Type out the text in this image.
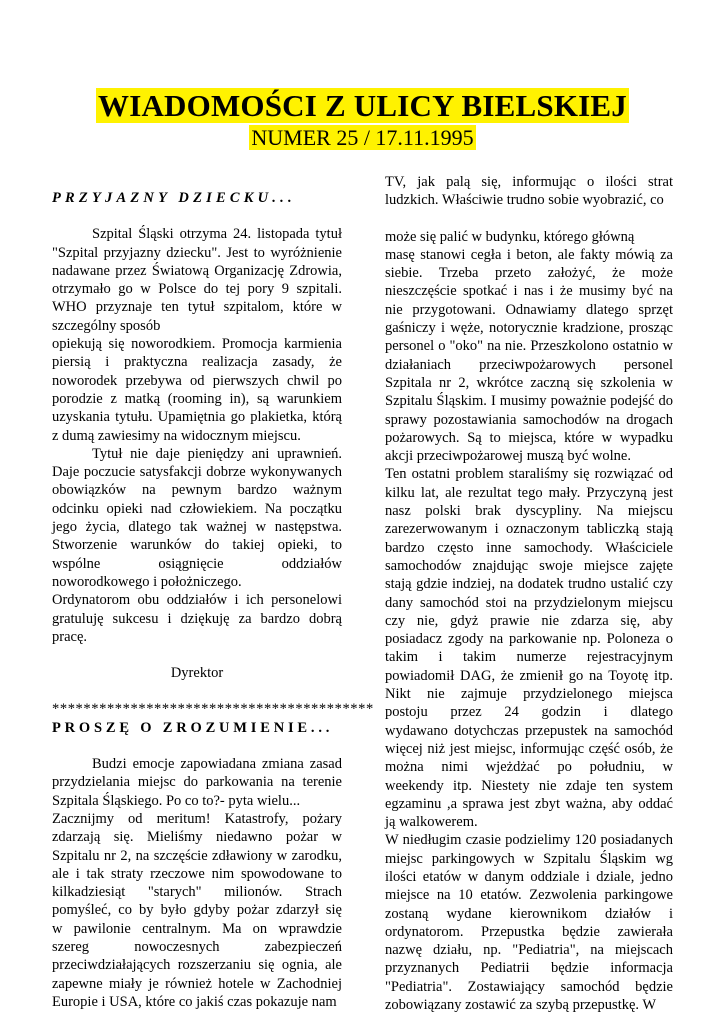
WIADOMOŚCI Z ULICY BIELSKIEJ
NUMER 25 / 17.11.1995

PRZYJAZNY DZIECKU...

Szpital Śląski otrzyma 24. listopada tytuł
"Szpital przyjazny dziecku". Jest to wyróżnienie
nadawane przez Światową Organizację Zdrowia,
otrzymało go w Polsce do tej pory 9 szpitali.
WHO przyznaje ten tytuł szpitalom, które w
szczególny sposób
opiekują się noworodkiem. Promocja karmienia
piersią i praktyczna realizacja zasady, że
noworodek przebywa od pierwszych chwil po
porodzie z matką (rooming in), są warunkiem
uzyskania tytułu. Upamiętnia go plakietka, którą
z dumą zawiesimy na widocznym miejscu.
Tytuł nie daje pieniędzy ani uprawnień.
Daje poczucie satysfakcji dobrze wykonywanych
obowiązków na pewnym bardzo ważnym
odcinku opieki nad człowiekiem. Na początku
jego życia, dlatego tak ważnej w następstwa.
Stworzenie warunków do takiej opieki, to
wspólne osiągnięcie oddziałów
noworodkowego i położniczego.
Ordynatorom obu oddziałów i ich personelowi
gratuluję sukcesu i dziękuję za bardzo dobrą
pracę.
Dyrektor
*****************************************

PROSZĘ O ZROZUMIENIE...

Budzi emocje zapowiadana zmiana zasad
przydzielania miejsc do parkowania na terenie
Szpitala Śląskiego. Po co to?- pyta wielu...
Zacznijmy od meritum! Katastrofy, pożary
zdarzają się. Mieliśmy niedawno pożar w
Szpitalu nr 2, na szczęście zdławiony w zarodku,
ale i tak straty rzeczowe nim spowodowane to
kilkadziesiąt "starych" milionów. Strach
pomyśleć, co by było gdyby pożar zdarzył się
w pawilonie centralnym. Ma on wprawdzie
szereg nowoczesnych zabezpieczeń
przeciwdziałających rozszerzaniu się ognia, ale
zapewne miały je również hotele w Zachodniej
Europie i USA, które co jakiś czas pokazuje nam
TV, jak palą się, informując o ilości strat
ludzkich. Właściwie trudno sobie wyobrazić, co
może się palić w budynku, którego główną
masę stanowi cegła i beton, ale fakty mówią za
siebie. Trzeba przeto założyć, że może
nieszczęście spotkać i nas i że musimy być na
nie przygotowani. Odnawiamy dlatego sprzęt
gaśniczy i węże, notorycznie kradzione, prosząc
personel o "oko" na nie. Przeszkolono ostatnio w
działaniach przeciwpożarowych personel
Szpitala nr 2, wkrótce zaczną się szkolenia w
Szpitalu Śląskim. I musimy poważnie podejść do
sprawy pozostawiania samochodów na drogach
pożarowych. Są to miejsca, które w wypadku
akcji przeciwpożarowej muszą być wolne.
Ten ostatni problem staraliśmy się rozwiązać od
kilku lat, ale rezultat tego mały. Przyczyną jest
nasz polski brak dyscypliny. Na miejscu
zarezerwowanym i oznaczonym tabliczką stają
bardzo często inne samochody. Właściciele
samochodów znajdując swoje miejsce zajęte
stają gdzie indziej, na dodatek trudno ustalić czy
dany samochód stoi na przydzielonym miejscu
czy nie, gdyż prawie nie zdarza się, aby
posiadacz zgody na parkowanie np. Poloneza o
takim i takim numerze rejestracyjnym
powiadomił DAG, że zmienił go na Toyotę itp.
Nikt nie zajmuje przydzielonego miejsca
postoju przez 24 godzin i dlatego
wydawano dotychczas przepustek na samochód
więcej niż jest miejsc, informując część osób, że
można nimi wjeżdżać po południu, w
weekendy itp. Niestety nie zdaje ten system
egzaminu ,a sprawa jest zbyt ważna, aby oddać
ją walkowerem.
W niedługim czasie podzielimy 120 posiadanych
miejsc parkingowych w Szpitalu Śląskim wg
ilości etatów w danym oddziale i dziale, jedno
miejsce na 10 etatów. Zezwolenia parkingowe
zostaną wydane kierownikom działów i
ordynatorom. Przepustka będzie zawierała
nazwę działu, np. "Pediatria", na miejscach
przyznanych Pediatrii będzie informacja
"Pediatria". Zostawiający samochód będzie
zobowiązany zostawić za szybą przepustkę. W
